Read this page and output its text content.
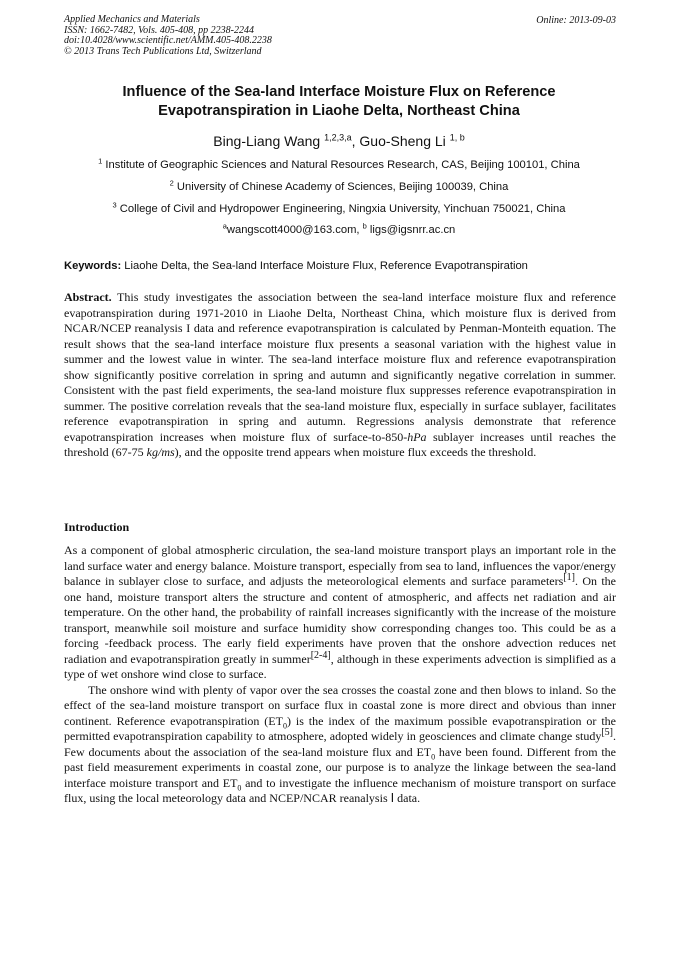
Applied Mechanics and Materials
ISSN: 1662-7482, Vols. 405-408, pp 2238-2244
doi:10.4028/www.scientific.net/AMM.405-408.2238
© 2013 Trans Tech Publications Ltd, Switzerland
Online: 2013-09-03
Influence of the Sea-land Interface Moisture Flux on Reference
Evapotranspiration in Liaohe Delta, Northeast China
Bing-Liang Wang $^{1,2,3,a}$, Guo-Sheng Li $^{1, b}$
$^1$ Institute of Geographic Sciences and Natural Resources Research, CAS, Beijing 100101, China
$^2$ University of Chinese Academy of Sciences, Beijing 100039, China
$^3$ College of Civil and Hydropower Engineering, Ningxia University, Yinchuan 750021, China
$^a$wangscott4000@163.com, $^b$ ligs@igsnrr.ac.cn
Keywords: Liaohe Delta, the Sea-land Interface Moisture Flux, Reference Evapotranspiration

Abstract. This study investigates the association between the sea-land interface moisture flux and reference evapotranspiration during 1971-2010 in Liaohe Delta, Northeast China, which moisture flux is derived from NCAR/NCEP reanalysis I data and reference evapotranspiration is calculated by Penman-Monteith equation. The result shows that the sea-land interface moisture flux presents a seasonal variation with the highest value in summer and the lowest value in winter. The sea-land interface moisture flux and reference evapotranspiration show significantly positive correlation in spring and autumn and significantly negative correlation in summer. Consistent with the past field experiments, the sea-land moisture flux suppresses reference evapotranspiration in summer. The positive correlation reveals that the sea-land moisture flux, especially in surface sublayer, facilitates reference evapotranspiration in spring and autumn. Regressions analysis demonstrate that reference evapotranspiration increases when moisture flux of surface-to-850-hPa sublayer increases until reaches the threshold (67-75 kg/ms), and the opposite trend appears when moisture flux exceeds the threshold.

Introduction

As a component of global atmospheric circulation, the sea-land moisture transport plays an important role in the land surface water and energy balance. Moisture transport, especially from sea to land, influences the vapor/energy balance in sublayer close to surface, and adjusts the meteorological elements and surface parameters[1]. On the one hand, moisture transport alters the structure and content of atmospheric, and affects net radiation and air temperature. On the other hand, the probability of rainfall increases significantly with the increase of the moisture transport, meanwhile soil moisture and surface humidity show corresponding changes too. This could be as a forcing -feedback process. The early field experiments have proven that the onshore advection reduces net radiation and evapotranspiration greatly in summer[2-4], although in these experiments advection is simplified as a type of wet onshore wind close to surface.

The onshore wind with plenty of vapor over the sea crosses the coastal zone and then blows to inland. So the effect of the sea-land moisture transport on surface flux in coastal zone is more direct and obvious than inner continent. Reference evapotranspiration $(ET_0)$ is the index of the maximum possible evapotranspiration or the permitted evapotranspiration capability to atmosphere, adopted widely in geosciences and climate change study[5]. Few documents about the association of the sea-land moisture flux and $ET_0$ have been found. Different from the past field measurement experiments in coastal zone, our purpose is to analyze the linkage between the sea-land interface moisture transport and $ET_0$ and to investigate the influence mechanism of moisture transport on surface flux, using the local meteorology data and NCEP/NCAR reanalysis Ⅰ data.
